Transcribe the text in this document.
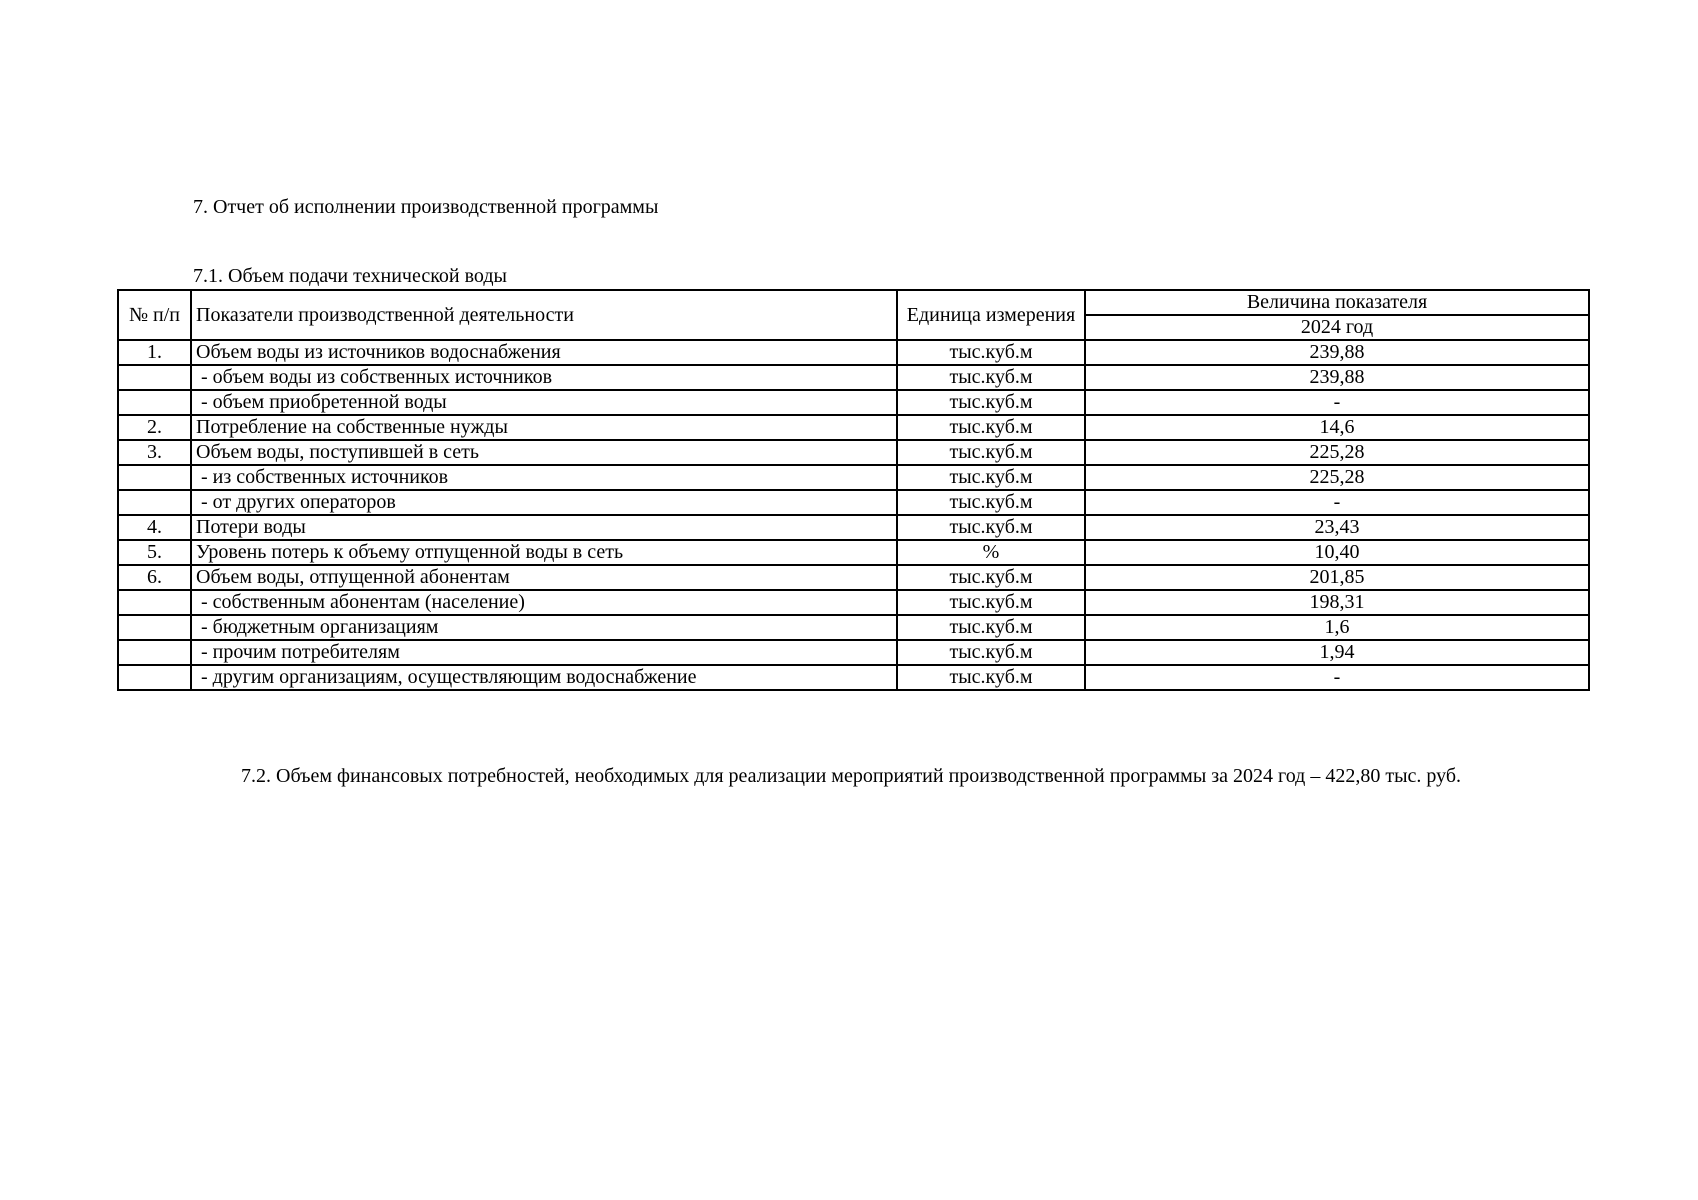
7. Отчет об исполнении производственной программы
7.1. Объем подачи технической воды
№ п/п	Показатели производственной деятельности	Единица измерения	Величина показателя
			2024 год
1.	Объем воды из источников водоснабжения	тыс.куб.м	239,88
	- объем воды из собственных источников	тыс.куб.м	239,88
	- объем приобретенной воды	тыс.куб.м	-
2.	Потребление на собственные нужды	тыс.куб.м	14,6
3.	Объем воды, поступившей в сеть	тыс.куб.м	225,28
	- из собственных источников	тыс.куб.м	225,28
	- от других операторов	тыс.куб.м	-
4.	Потери воды	тыс.куб.м	23,43
5.	Уровень потерь к объему отпущенной воды в сеть	%	10,40
6.	Объем воды, отпущенной абонентам	тыс.куб.м	201,85
	- собственным абонентам (население)	тыс.куб.м	198,31
	- бюджетным организациям	тыс.куб.м	1,6
	- прочим потребителям	тыс.куб.м	1,94
	- другим организациям, осуществляющим водоснабжение	тыс.куб.м	-
7.2. Объем финансовых потребностей, необходимых для реализации мероприятий производственной программы за 2024 год – 422,80 тыс. руб.
